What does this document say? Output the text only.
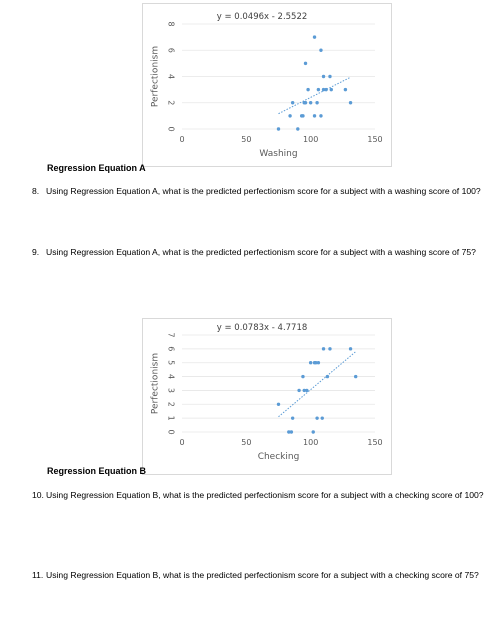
0
2
4
6
8
0	50	100	150
Washing
Perfectionism
y = 0.0496x - 2.5522
Regression Equation A
8. Using Regression Equation A, what is the predicted perfectionism score for a subject with a washing score of 100?
9. Using Regression Equation A, what is the predicted perfectionism score for a subject with a washing score of 75?
0
1
2
3
4
5
6
7
0	50	100	150
Checking
Perfectionism
y = 0.0783x - 4.7718
Regression Equation B
10. Using Regression Equation B, what is the predicted perfectionism score for a subject with a checking score of 100?
11. Using Regression Equation B, what is the predicted perfectionism score for a subject with a checking score of 75?
